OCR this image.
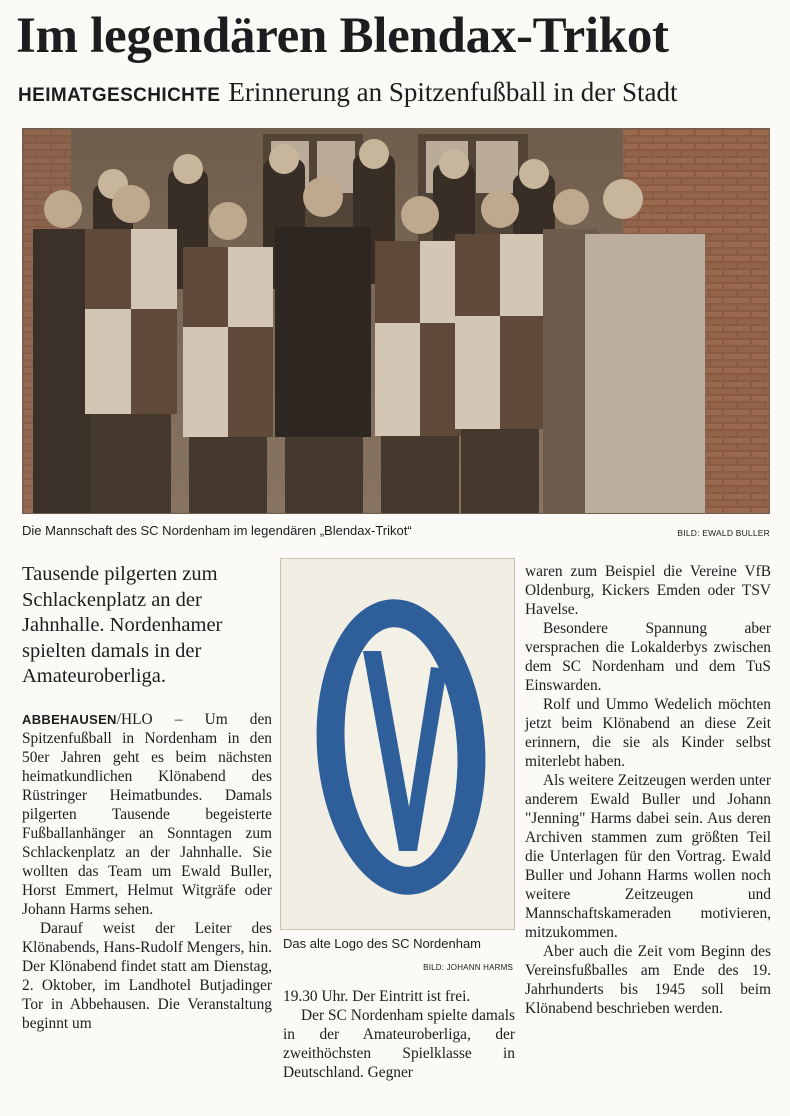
Im legendären Blendax-Trikot
HEIMATGESCHICHTE Erinnerung an Spitzenfußball in der Stadt
Die Mannschaft des SC Nordenham im legendären „Blendax-Trikot“	BILD: EWALD BULLER
Tausende pilgerten zum Schlackenplatz an der Jahnhalle. Nordenhamer spielten damals in der Amateuroberliga.

ABBEHAUSEN/HLO – Um den Spitzenfußball in Nordenham in den 50er Jahren geht es beim nächsten heimatkundlichen Klönabend des Rüstringer Heimatbundes. Damals pilgerten Tausende begeisterte Fußballanhänger an Sonntagen zum Schlackenplatz an der Jahnhalle. Sie wollten das Team um Ewald Buller, Horst Emmert, Helmut Witgräfe oder Johann Harms sehen.

Darauf weist der Leiter des Klönabends, Hans-Rudolf Mengers, hin. Der Klönabend findet statt am Dienstag, 2. Oktober, im Landhotel Butjadinger Tor in Abbehausen. Die Veranstaltung beginnt um

Das alte Logo des SC Nordenham
BILD: JOHANN HARMS

19.30 Uhr. Der Eintritt ist frei.

Der SC Nordenham spielte damals in der Amateuroberliga, der zweithöchsten Spielklasse in Deutschland. Gegner

waren zum Beispiel die Vereine VfB Oldenburg, Kickers Emden oder TSV Havelse.

Besondere Spannung aber versprachen die Lokalderbys zwischen dem SC Nordenham und dem TuS Einswarden.

Rolf und Ummo Wedelich möchten jetzt beim Klönabend an diese Zeit erinnern, die sie als Kinder selbst miterlebt haben.

Als weitere Zeitzeugen werden unter anderem Ewald Buller und Johann "Jenning" Harms dabei sein. Aus deren Archiven stammen zum größten Teil die Unterlagen für den Vortrag. Ewald Buller und Johann Harms wollen noch weitere Zeitzeugen und Mannschaftskameraden motivieren, mitzukommen.

Aber auch die Zeit vom Beginn des Vereinsfußballes am Ende des 19. Jahrhunderts bis 1945 soll beim Klönabend beschrieben werden.
